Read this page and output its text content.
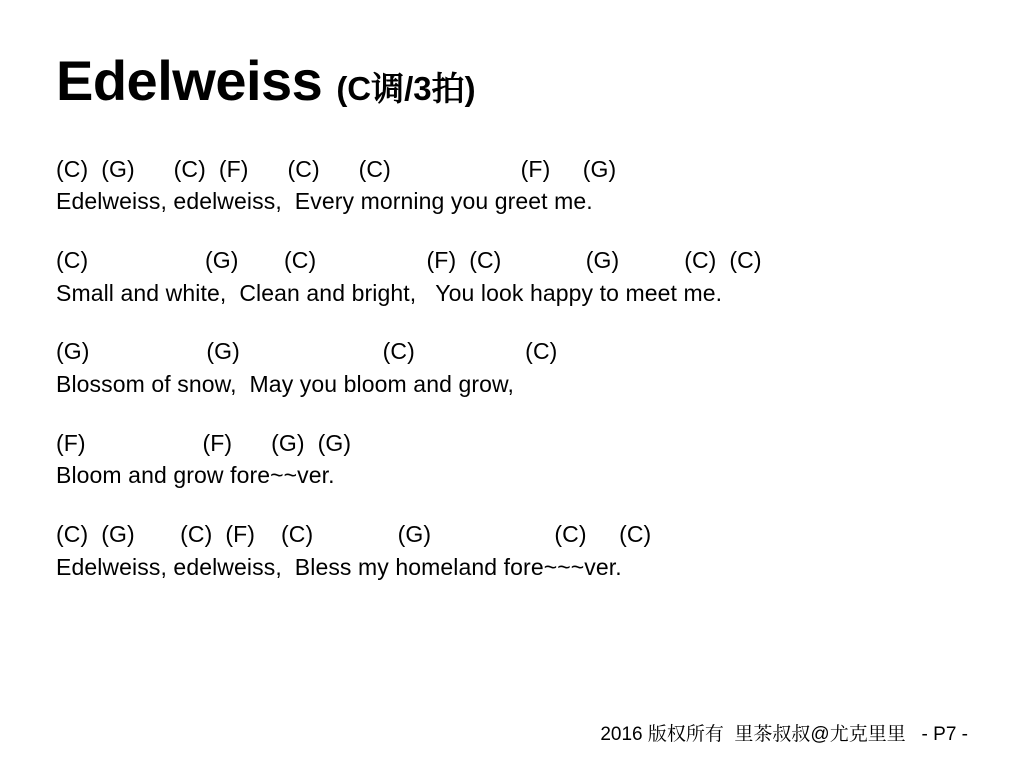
Edelweiss (C调/3拍)
(C)  (G)      (C)  (F)      (C)      (C)                    (F)     (G)
Edelweiss, edelweiss,  Every morning you greet me.
(C)                  (G)       (C)                 (F)  (C)             (G)          (C)  (C)
Small and white,  Clean and bright,   You look happy to meet me.
(G)                  (G)                      (C)                 (C)
Blossom of snow,  May you bloom and grow,
(F)                  (F)      (G)  (G)
Bloom and grow fore~~ver.
(C)  (G)       (C)  (F)    (C)             (G)                   (C)     (C)
Edelweiss, edelweiss,  Bless my homeland fore~~~ver.
2016 版权所有  里茶叔叔@尤克里里   - P7 -
